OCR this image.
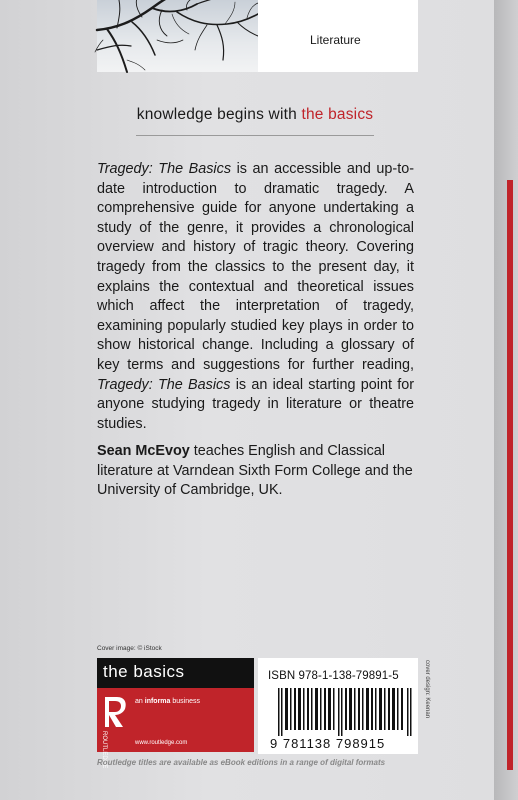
Literature
knowledge begins with the basics

Tragedy: The Basics is an accessible and up-to-date introduction to dramatic tragedy. A comprehensive guide for anyone undertaking a study of the genre, it provides a chronological overview and history of tragic theory. Covering tragedy from the classics to the present day, it explains the contextual and theoretical issues which affect the interpretation of tragedy, examining popularly studied key plays in order to show historical change. Including a glossary of key terms and suggestions for further reading, Tragedy: The Basics is an ideal starting point for anyone studying tragedy in literature or theatre studies.

Sean McEvoy teaches English and Classical literature at Varndean Sixth Form College and the University of Cambridge, UK.

Cover image: © iStock
the basics
ROUTLEDGE
an informa business
www.routledge.com
ISBN 978-1-138-79891-5
9 781138 798915
cover design: Keenan
Routledge titles are available as eBook editions in a range of digital formats
